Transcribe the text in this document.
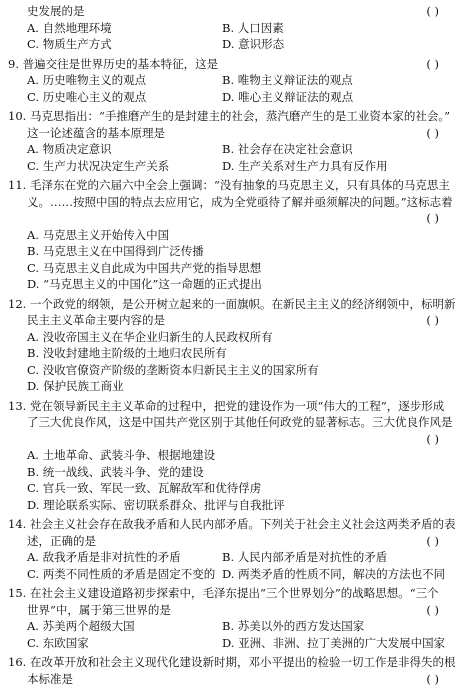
史发展的是	( )
A. 自然地理环境	B. 人口因素
C. 物质生产方式	D. 意识形态
9. 普遍交往是世界历史的基本特征，这是	( )
A. 历史唯物主义的观点	B. 唯物主义辩证法的观点
C. 历史唯心主义的观点	D. 唯心主义辩证法的观点
10. 马克思指出：“手推磨产生的是封建主的社会，蒸汽磨产生的是工业资本家的社会。”
这一论述蕴含的基本原理是	( )
A. 物质决定意识	B. 社会存在决定社会意识
C. 生产力状况决定生产关系	D. 生产关系对生产力具有反作用
11. 毛泽东在党的六届六中全会上强调：“没有抽象的马克思主义，只有具体的马克思主
义。……按照中国的特点去应用它，成为全党亟待了解并亟须解决的问题。”这标志着

( )
A. 马克思主义开始传入中国
B. 马克思主义在中国得到广泛传播
C. 马克思主义自此成为中国共产党的指导思想
D. “马克思主义的中国化”这一命题的正式提出
12. 一个政党的纲领，是公开树立起来的一面旗帜。在新民主主义的经济纲领中，标明新
民主主义革命主要内容的是	( )
A. 没收帝国主义在华企业归新生的人民政权所有
B. 没收封建地主阶级的土地归农民所有
C. 没收官僚资产阶级的垄断资本归新民主主义的国家所有
D. 保护民族工商业
13. 党在领导新民主主义革命的过程中，把党的建设作为一项“伟大的工程”，逐步形成
了三大优良作风，这是中国共产党区别于其他任何政党的显著标志。三大优良作风是

( )
A. 土地革命、武装斗争、根据地建设
B. 统一战线、武装斗争、党的建设
C. 官兵一致、军民一致、瓦解敌军和优待俘虏
D. 理论联系实际、密切联系群众、批评与自我批评
14. 社会主义社会存在敌我矛盾和人民内部矛盾。下列关于社会主义社会这两类矛盾的表
述，正确的是	( )
A. 敌我矛盾是非对抗性的矛盾	B. 人民内部矛盾是对抗性的矛盾
C. 两类不同性质的矛盾是固定不变的 D. 两类矛盾的性质不同，解决的方法也不同
15. 在社会主义建设道路初步探索中，毛泽东提出“三个世界划分”的战略思想。“三个
世界”中，属于第三世界的是	( )
A. 苏美两个超级大国	B. 苏美以外的西方发达国家
C. 东欧国家	D. 亚洲、非洲、拉丁美洲的广大发展中国家
16. 在改革开放和社会主义现代化建设新时期，邓小平提出的检验一切工作是非得失的根
本标准是	( )
